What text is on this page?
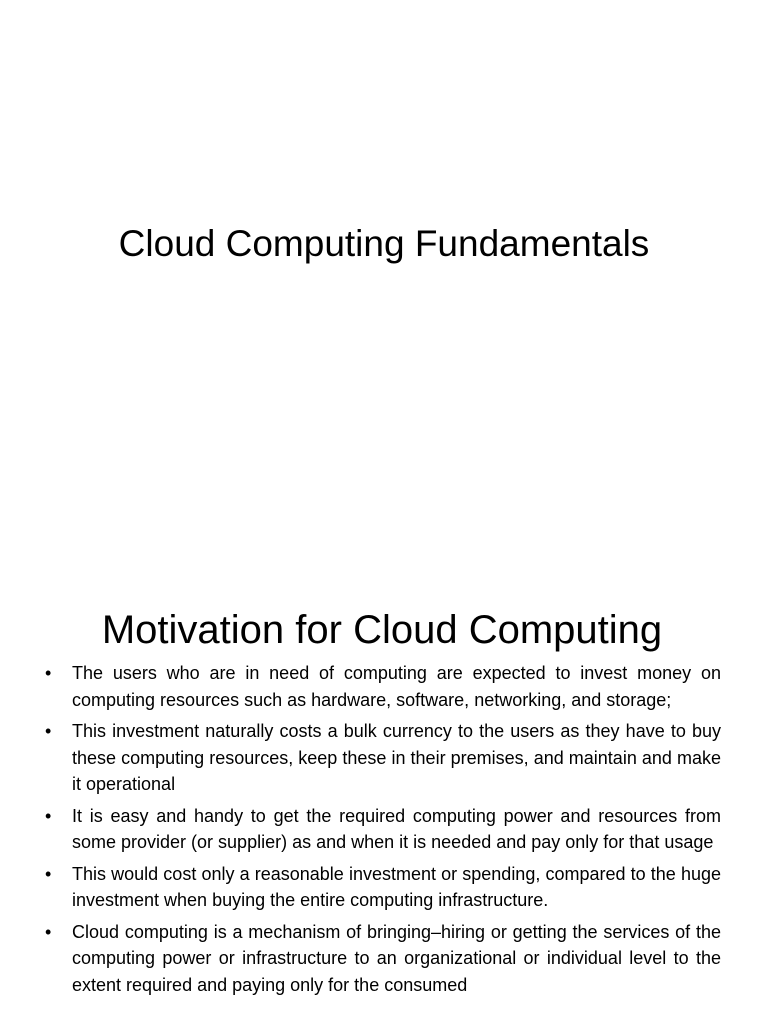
Cloud Computing Fundamentals
Motivation for Cloud Computing
• The users who are in need of computing are expected to invest money on computing resources such as hardware, software, networking, and storage;
• This investment naturally costs a bulk currency to the users as they have to buy these computing resources, keep these in their premises, and maintain and make it operational
• It is easy and handy to get the required computing power and resources from some provider (or supplier) as and when it is needed and pay only for that usage
• This would cost only a reasonable investment or spending, compared to the huge investment when buying the entire computing infrastructure.
• Cloud computing is a mechanism of bringing–hiring or getting the services of the computing power or infrastructure to an organizational or individual level to the extent required and paying only for the consumed
